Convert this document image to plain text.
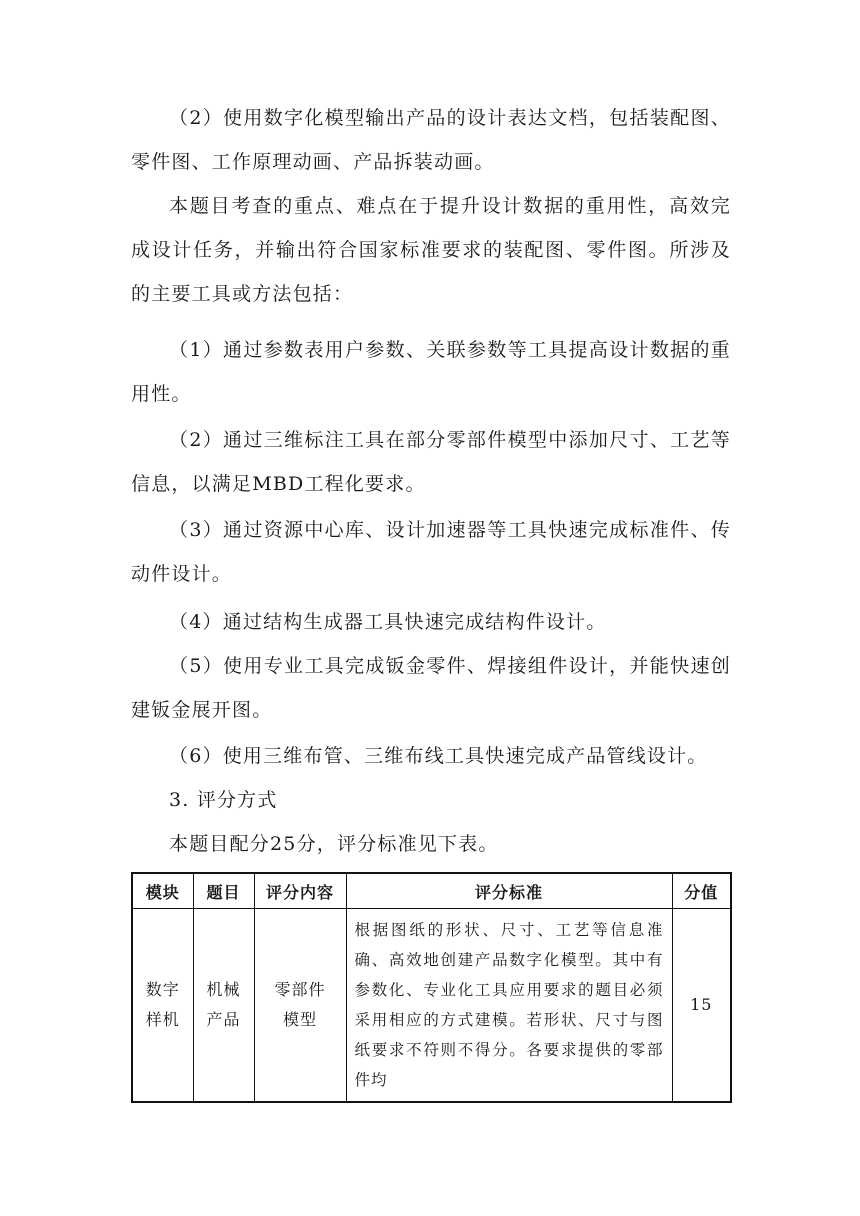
（2）使用数字化模型输出产品的设计表达文档，包括装配图、零件图、工作原理动画、产品拆装动画。

本题目考查的重点、难点在于提升设计数据的重用性，高效完成设计任务，并输出符合国家标准要求的装配图、零件图。所涉及的主要工具或方法包括：

（1）通过参数表用户参数、关联参数等工具提高设计数据的重用性。

（2）通过三维标注工具在部分零部件模型中添加尺寸、工艺等信息，以满足MBD工程化要求。

（3）通过资源中心库、设计加速器等工具快速完成标准件、传动件设计。

（4）通过结构生成器工具快速完成结构件设计。

（5）使用专业工具完成钣金零件、焊接组件设计，并能快速创建钣金展开图。

（6）使用三维布管、三维布线工具快速完成产品管线设计。

3. 评分方式

本题目配分25分，评分标准见下表。

模块	题目	评分内容	评分标准	分值
数字样机	机械产品	零部件模型	根据图纸的形状、尺寸、工艺等信息准确、高效地创建产品数字化模型。其中有参数化、专业化工具应用要求的题目必须采用相应的方式建模。若形状、尺寸与图纸要求不符则不得分。各要求提供的零部件均	15
